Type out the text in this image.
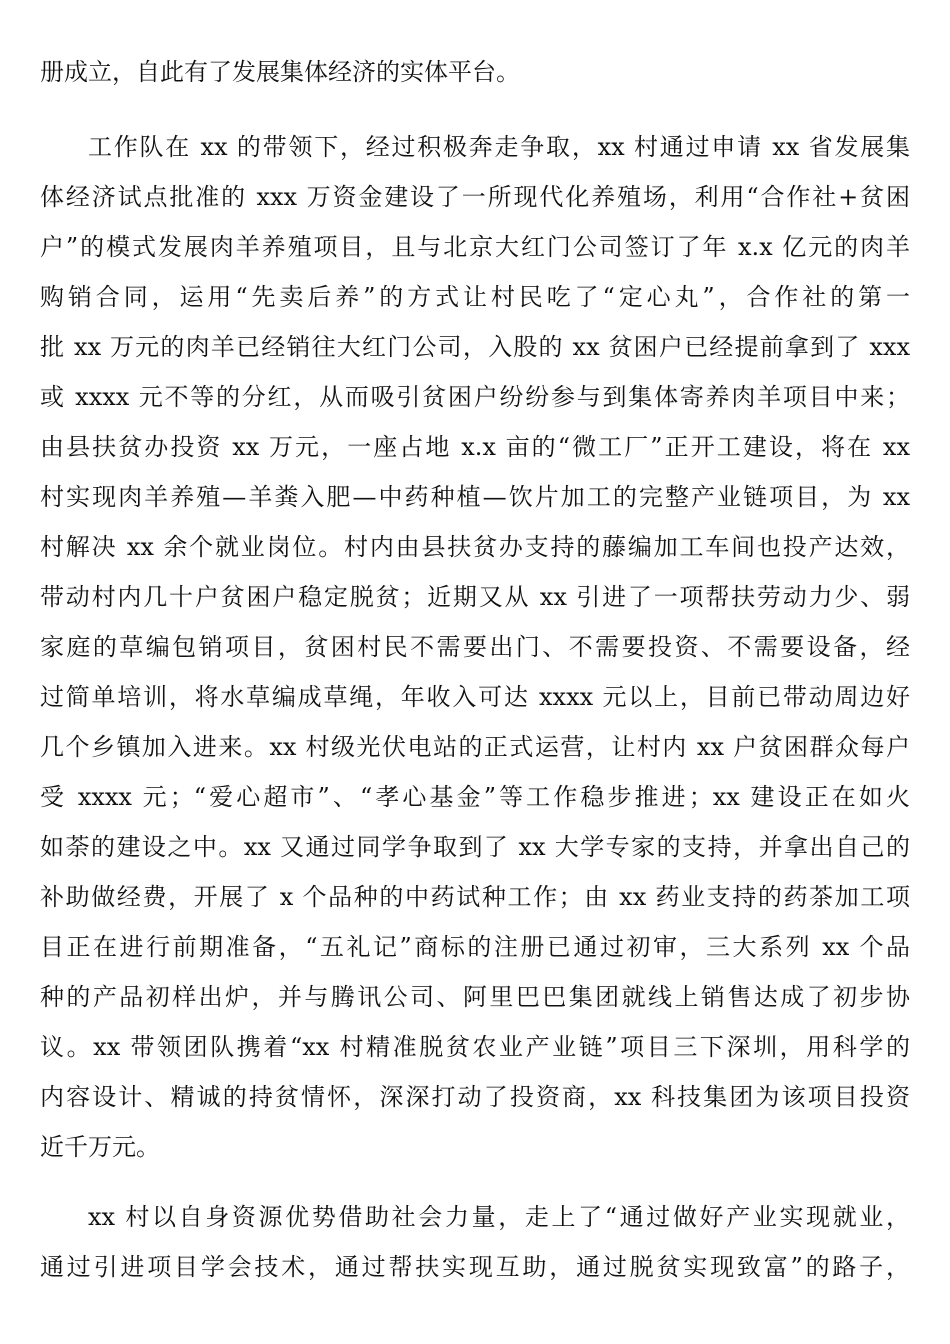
册成立，自此有了发展集体经济的实体平台。
工作队在 xx 的带领下，经过积极奔走争取，xx 村通过申请 xx 省发展集
体经济试点批准的 xxx 万资金建设了一所现代化养殖场，利用“合作社+贫困
户”的模式发展肉羊养殖项目，且与北京大红门公司签订了年 x.x 亿元的肉羊
购销合同，运用“先卖后养”的方式让村民吃了“定心丸”，合作社的第一
批 xx 万元的肉羊已经销往大红门公司，入股的 xx 贫困户已经提前拿到了 xxx
或 xxxx 元不等的分红，从而吸引贫困户纷纷参与到集体寄养肉羊项目中来；
由县扶贫办投资 xx 万元，一座占地 x.x 亩的“微工厂”正开工建设，将在 xx
村实现肉羊养殖—羊粪入肥—中药种植—饮片加工的完整产业链项目，为 xx
村解决 xx 余个就业岗位。村内由县扶贫办支持的藤编加工车间也投产达效，
带动村内几十户贫困户稳定脱贫；近期又从 xx 引进了一项帮扶劳动力少、弱
家庭的草编包销项目，贫困村民不需要出门、不需要投资、不需要设备，经
过简单培训，将水草编成草绳，年收入可达 xxxx 元以上，目前已带动周边好
几个乡镇加入进来。xx 村级光伏电站的正式运营，让村内 xx 户贫困群众每户
受 xxxx 元；“爱心超市”、“孝心基金”等工作稳步推进；xx 建设正在如火
如荼的建设之中。xx 又通过同学争取到了 xx 大学专家的支持，并拿出自己的
补助做经费，开展了 x 个品种的中药试种工作；由 xx 药业支持的药茶加工项
目正在进行前期准备，“五礼记”商标的注册已通过初审，三大系列 xx 个品
种的产品初样出炉，并与腾讯公司、阿里巴巴集团就线上销售达成了初步协
议。xx 带领团队携着“xx 村精准脱贫农业产业链”项目三下深圳，用科学的
内容设计、精诚的持贫情怀，深深打动了投资商，xx 科技集团为该项目投资
近千万元。
xx 村以自身资源优势借助社会力量，走上了“通过做好产业实现就业，
通过引进项目学会技术，通过帮扶实现互助，通过脱贫实现致富”的路子，
